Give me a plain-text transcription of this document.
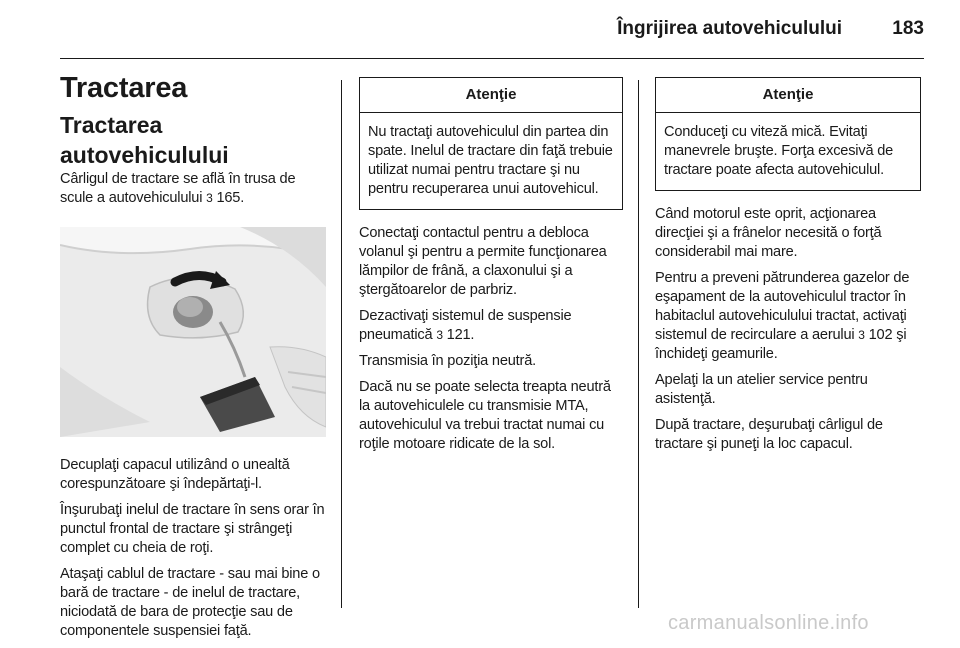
Îngrijirea autovehiculului	183
Tractarea
Tractarea autovehiculului

Cârligul de tractare se află în trusa de scule a autovehiculului 3 165.

Decuplaţi capacul utilizând o unealtă corespunzătoare şi îndepărtaţi-l.

Înşurubaţi inelul de tractare în sens orar în punctul frontal de tractare şi strângeţi complet cu cheia de roţi.

Ataşaţi cablul de tractare - sau mai bine o bară de tractare - de inelul de tractare, niciodată de bara de protecţie sau de componentele suspensiei faţă.

Atenţie
Nu tractaţi autovehiculul din partea din spate. Inelul de tractare din faţă trebuie utilizat numai pentru tractare şi nu pentru recuperarea unui autovehicul.

Conectaţi contactul pentru a debloca volanul şi pentru a permite funcţionarea lămpilor de frână, a claxonului şi a ştergătoarelor de parbriz.

Dezactivaţi sistemul de suspensie pneumatică 3 121.

Transmisia în poziţia neutră.

Dacă nu se poate selecta treapta neutră la autovehiculele cu transmisie MTA, autovehiculul va trebui tractat numai cu roţile motoare ridicate de la sol.

Atenţie
Conduceţi cu viteză mică. Evitaţi manevrele bruşte. Forţa excesivă de tractare poate afecta autovehiculul.

Când motorul este oprit, acţionarea direcţiei şi a frânelor necesită o forţă considerabil mai mare.

Pentru a preveni pătrunderea gazelor de eşapament de la autovehiculul tractor în habitaclul autovehiculului tractat, activaţi sistemul de recirculare a aerului 3 102 şi închideţi geamurile.

Apelaţi la un atelier service pentru asistenţă.

După tractare, deşurubaţi cârligul de tractare şi puneţi la loc capacul.

carmanualsonline.info
